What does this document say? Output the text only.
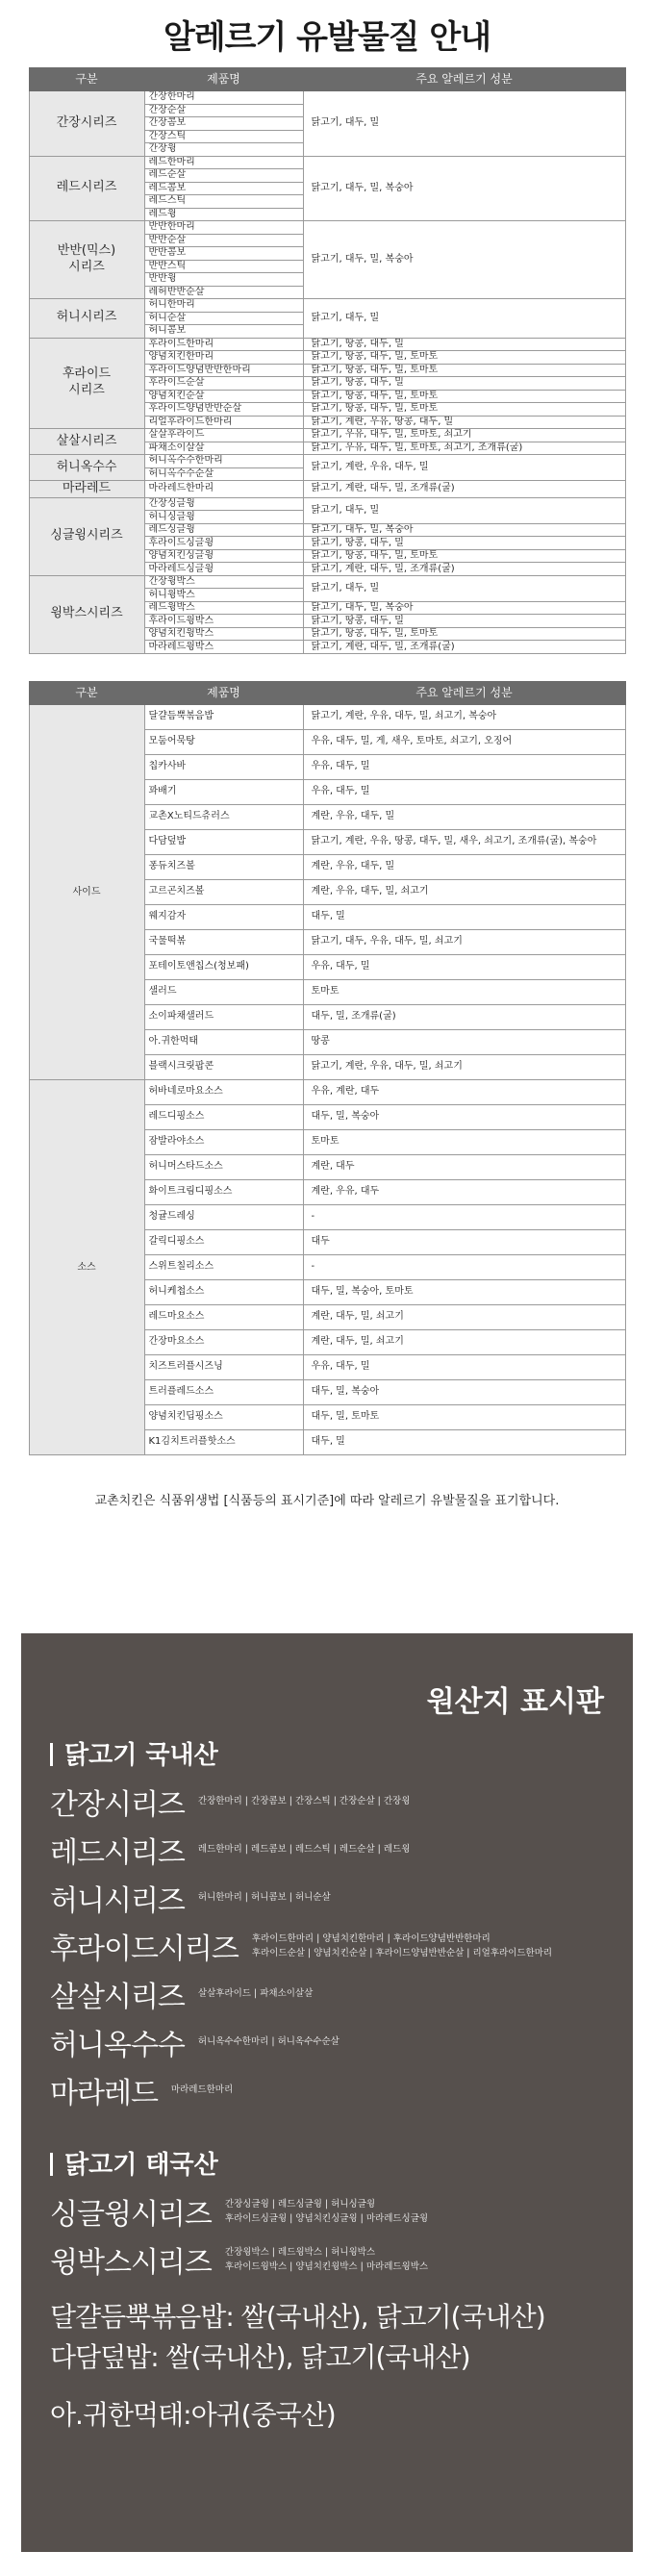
알레르기 유발물질 안내
구분	제품명	주요 알레르기 성분
간장시리즈	간장한마리	닭고기, 대두, 밀
	간장순살	
	간장콤보	
	간장스틱	
	간장윙	
레드시리즈	레드한마리	닭고기, 대두, 밀, 복숭아
	레드순살	
	레드콤보	
	레드스틱	
	레드윙	
반반(믹스)
시리즈	반반한마리	닭고기, 대두, 밀, 복숭아
	반반순살	
	반반콤보	
	반반스틱	
	반반윙	
	레허반반순살	
허니시리즈	허니한마리	닭고기, 대두, 밀
	허니순살	
	허니콤보	
후라이드
시리즈	후라이드한마리	닭고기, 땅콩, 대두, 밀
	양념치킨한마리	닭고기, 땅콩, 대두, 밀, 토마토
	후라이드양념반반한마리	닭고기, 땅콩, 대두, 밀, 토마토
	후라이드순살	닭고기, 땅콩, 대두, 밀
	양념치킨순살	닭고기, 땅콩, 대두, 밀, 토마토
	후라이드양념반반순살	닭고기, 땅콩, 대두, 밀, 토마토
	리얼후라이드한마리	닭고기, 계란, 우유, 땅콩, 대두, 밀
살살시리즈	살살후라이드	닭고기, 우유, 대두, 밀, 토마토, 쇠고기
	파채소이살살	닭고기, 우유, 대두, 밀, 토마토, 쇠고기, 조개류(굴)
허니옥수수	허니옥수수한마리	닭고기, 계란, 우유, 대두, 밀
	허니옥수수순살	
마라레드	마라레드한마리	닭고기, 계란, 대두, 밀, 조개류(굴)
싱글윙시리즈	간장싱글윙	닭고기, 대두, 밀
	허니싱글윙	
	레드싱글윙	닭고기, 대두, 밀, 복숭아
	후라이드싱글윙	닭고기, 땅콩, 대두, 밀
	양념치킨싱글윙	닭고기, 땅콩, 대두, 밀, 토마토
	마라레드싱글윙	닭고기, 계란, 대두, 밀, 조개류(굴)
윙박스시리즈	간장윙박스	닭고기, 대두, 밀
	허니윙박스	
	레드윙박스	닭고기, 대두, 밀, 복숭아
	후라이드윙박스	닭고기, 땅콩, 대두, 밀
	양념치킨윙박스	닭고기, 땅콩, 대두, 밀, 토마토
	마라레드윙박스	닭고기, 계란, 대두, 밀, 조개류(굴)
구분	제품명	주요 알레르기 성분
사이드	달걀듬뿍볶음밥	닭고기, 계란, 우유, 대두, 밀, 쇠고기, 복숭아
	모둠어묵탕	우유, 대두, 밀, 게, 새우, 토마토, 쇠고기, 오징어
	칩카사바	우유, 대두, 밀
	꽈배기	우유, 대두, 밀
	교촌X노티드츄러스	계란, 우유, 대두, 밀
	다담덮밥	닭고기, 계란, 우유, 땅콩, 대두, 밀, 새우, 쇠고기, 조개류(굴), 복숭아
	퐁듀치즈볼	계란, 우유, 대두, 밀
	고르곤치즈볼	계란, 우유, 대두, 밀, 쇠고기
	웨지감자	대두, 밀
	국물떡볶	닭고기, 대두, 우유, 대두, 밀, 쇠고기
	포테이토앤칩스(청보패)	우유, 대두, 밀
	샐러드	토마토
	소이파채샐러드	대두, 밀, 조개류(굴)
	아.귀한먹태	땅콩
	블랙시크릿팝콘	닭고기, 계란, 우유, 대두, 밀, 쇠고기
소스	허바네로마요소스	우유, 계란, 대두
	레드디핑소스	대두, 밀, 복숭아
	잠발라야소스	토마토
	허니머스타드소스	계란, 대두
	화이트크림디핑소스	계란, 우유, 대두
	청귤드레싱	-
	갈릭디핑소스	대두
	스위트칠리소스	-
	허니케첩소스	대두, 밀, 복숭아, 토마토
	레드마요소스	계란, 대두, 밀, 쇠고기
	간장마요소스	계란, 대두, 밀, 쇠고기
	치즈트러플시즈닝	우유, 대두, 밀
	트러플레드소스	대두, 밀, 복숭아
	양념치킨딥핑소스	대두, 밀, 토마토
	K1김치트러플핫소스	대두, 밀
교촌치킨은 식품위생법 [식품등의 표시기준]에 따라 알레르기 유발물질을 표기합니다.
원산지 표시판
닭고기 국내산
간장시리즈 간장한마리 | 간장콤보 | 간장스틱 | 간장순살 | 간장윙
레드시리즈 레드한마리 | 레드콤보 | 레드스틱 | 레드순살 | 레드윙
허니시리즈 허니한마리 | 허니콤보 | 허니순살
후라이드시리즈 후라이드한마리 | 양념치킨한마리 | 후라이드양념반반한마리
후라이드순살 | 양념치킨순살 | 후라이드양념반반순살 | 리얼후라이드한마리
살살시리즈 살살후라이드 | 파채소이살살
허니옥수수 허니옥수수한마리 | 허니옥수수순살
마라레드 마라레드한마리
닭고기 태국산
싱글윙시리즈 간장싱글윙 | 레드싱글윙 | 허니싱글윙
후라이드싱글윙 | 양념치킨싱글윙 | 마라레드싱글윙
윙박스시리즈 간장윙박스 | 레드윙박스 | 허니윙박스
후라이드윙박스 | 양념치킨윙박스 | 마라레드윙박스
달걀듬뿍볶음밥: 쌀(국내산), 닭고기(국내산)
다담덮밥: 쌀(국내산), 닭고기(국내산)
아.귀한먹태:아귀(중국산)
